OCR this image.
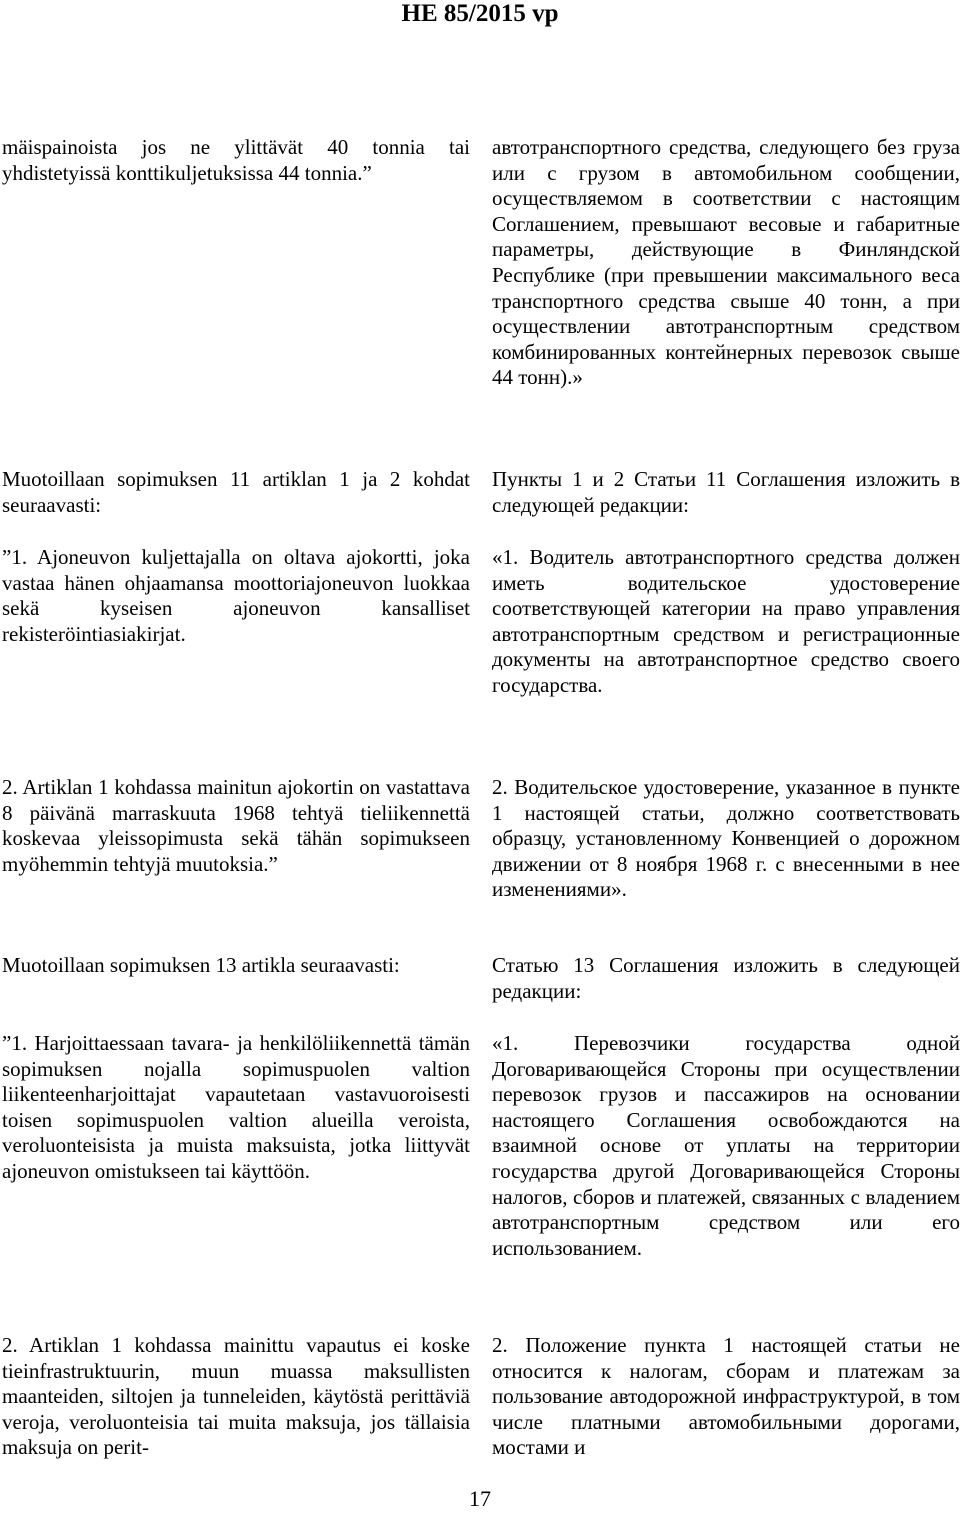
HE 85/2015 vp

mäispainoista jos ne ylittävät 40 tonnia tai yhdistetyissä konttikuljetuksissa 44 tonnia.”

Muotoillaan sopimuksen 11 artiklan 1 ja 2 kohdat seuraavasti:

”1. Ajoneuvon kuljettajalla on oltava ajokortti, joka vastaa hänen ohjaamansa moottoriajoneuvon luokkaa sekä kyseisen ajoneuvon kansalliset rekisteröintiasiakirjat.

2. Artiklan 1 kohdassa mainitun ajokortin on vastattava 8 päivänä marraskuuta 1968 tehtyä tieliikennettä koskevaa yleissopimusta sekä tähän sopimukseen myöhemmin tehtyjä muutoksia.”

Muotoillaan sopimuksen 13 artikla seuraavasti:

”1. Harjoittaessaan tavara- ja henkilöliikennettä tämän sopimuksen nojalla sopimuspuolen valtion liikenteenharjoittajat vapautetaan vastavuoroisesti toisen sopimuspuolen valtion alueilla veroista, veroluonteisista ja muista maksuista, jotka liittyvät ajoneuvon omistukseen tai käyttöön.

2. Artiklan 1 kohdassa mainittu vapautus ei koske tieinfrastruktuurin, muun muassa maksullisten maanteiden, siltojen ja tunneleiden, käytöstä perittäviä veroja, veroluonteisia tai muita maksuja, jos tällaisia maksuja on perit-

автотранспортного средства, следующего без груза или с грузом в автомобильном сообщении, осуществляемом в соответствии с настоящим Соглашением, превышают весовые и габаритные параметры, действующие в Финляндской Республике (при превышении максимального веса транспортного средства свыше 40 тонн, а при осуществлении автотранспортным средством комбинированных контейнерных перевозок свыше 44 тонн).»

Пункты 1 и 2 Статьи 11 Соглашения изложить в следующей редакции:

«1. Водитель автотранспортного средства должен иметь водительское удостоверение соответствующей категории на право управления автотранспортным средством и регистрационные документы на автотранспортное средство своего государства.

2. Водительское удостоверение, указанное в пункте 1 настоящей статьи, должно соответствовать образцу, установленному Конвенцией о дорожном движении от 8 ноября 1968 г. с внесенными в нее изменениями».

Статью 13 Соглашения изложить в следующей редакции:

«1. Перевозчики государства одной Договаривающейся Стороны при осуществлении перевозок грузов и пассажиров на основании настоящего Соглашения освобождаются на взаимной основе от уплаты на территории государства другой Договаривающейся Стороны налогов, сборов и платежей, связанных с владением автотранспортным средством или его использованием.

2. Положение пункта 1 настоящей статьи не относится к налогам, сборам и платежам за пользование автодорожной инфраструктурой, в том числе платными автомобильными дорогами, мостами и

17
